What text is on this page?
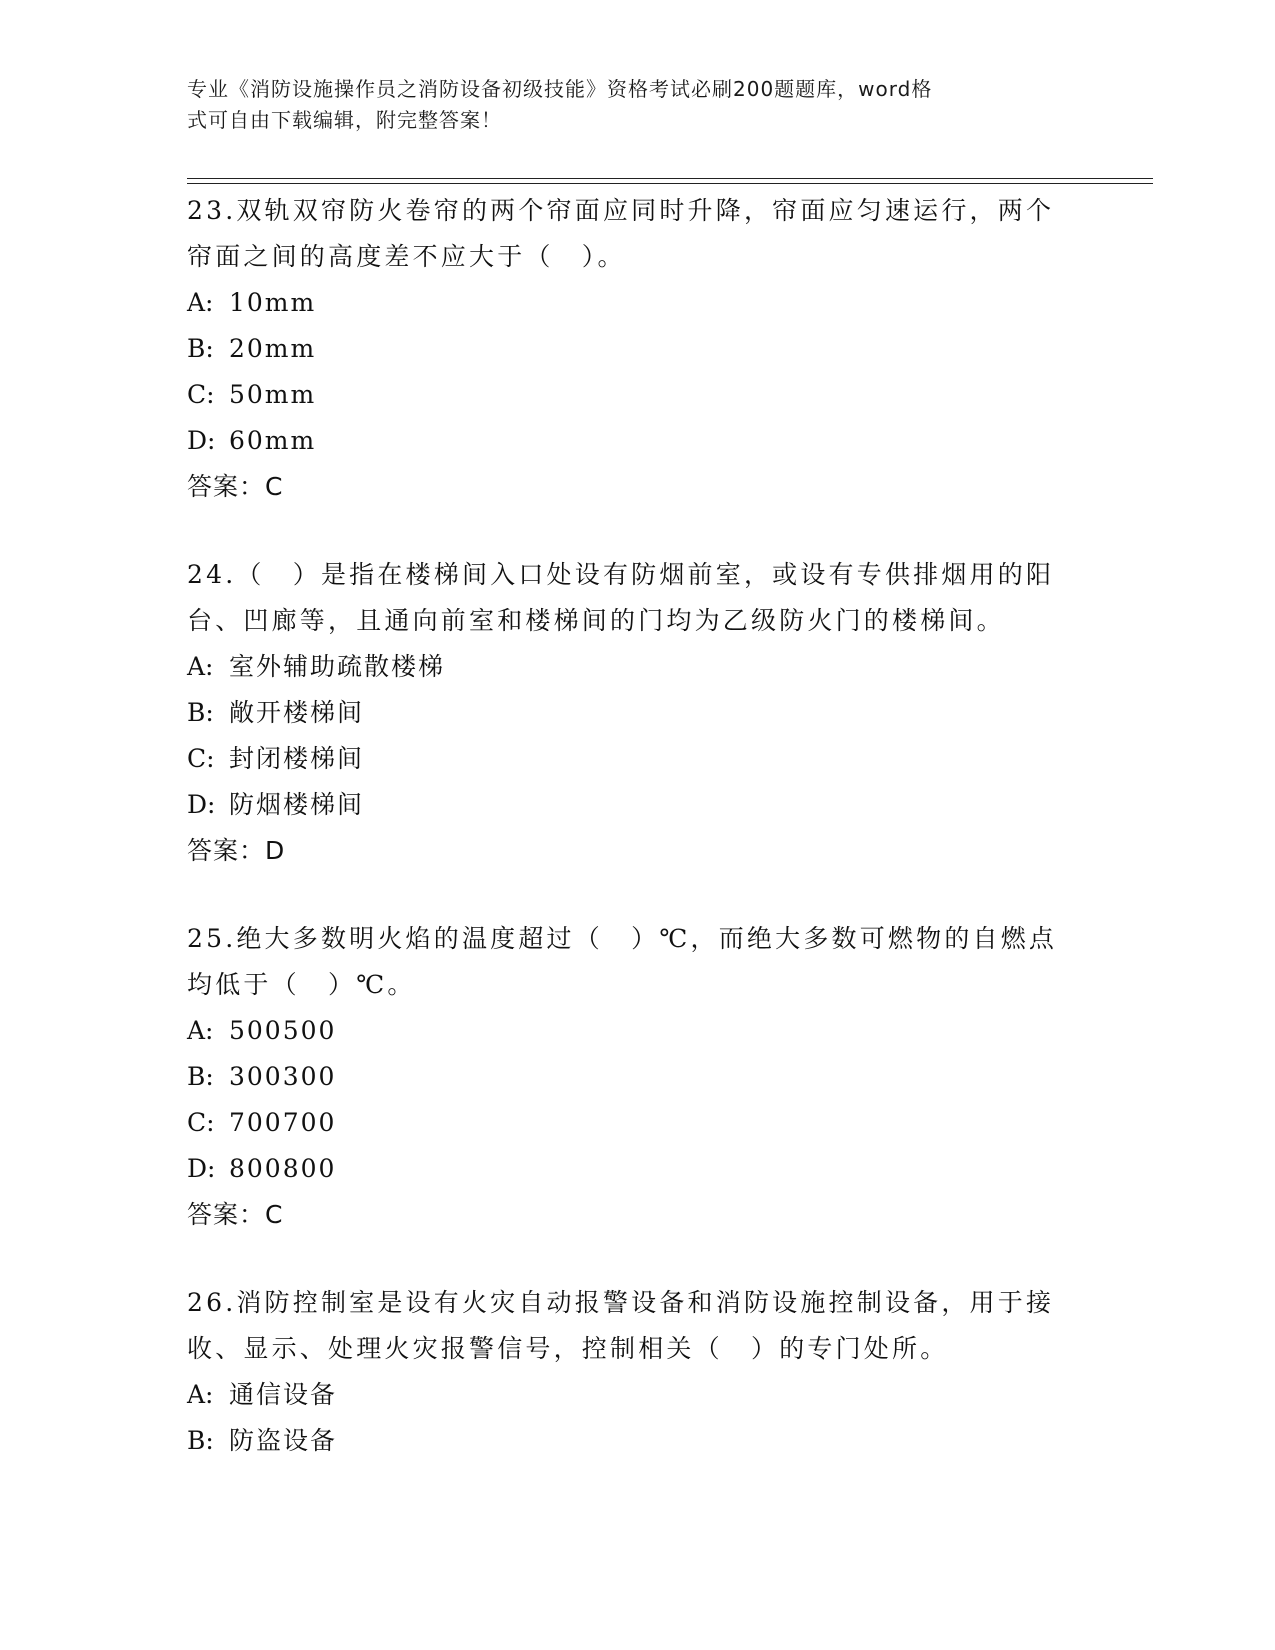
专业《消防设施操作员之消防设备初级技能》资格考试必刷200题题库，word格
式可自由下载编辑，附完整答案！

23.双轨双帘防火卷帘的两个帘面应同时升降，帘面应匀速运行，两个

帘面之间的高度差不应大于（　）。

A: 10mm

B: 20mm

C: 50mm

D: 60mm

答案：C

24.（　）是指在楼梯间入口处设有防烟前室，或设有专供排烟用的阳

台、凹廊等，且通向前室和楼梯间的门均为乙级防火门的楼梯间。

A: 室外辅助疏散楼梯

B: 敞开楼梯间

C: 封闭楼梯间

D: 防烟楼梯间

答案：D

25.绝大多数明火焰的温度超过（　）℃，而绝大多数可燃物的自燃点

均低于（　）℃。

A: 500500

B: 300300

C: 700700

D: 800800

答案：C

26.消防控制室是设有火灾自动报警设备和消防设施控制设备，用于接

收、显示、处理火灾报警信号，控制相关（　）的专门处所。

A: 通信设备

B: 防盗设备
